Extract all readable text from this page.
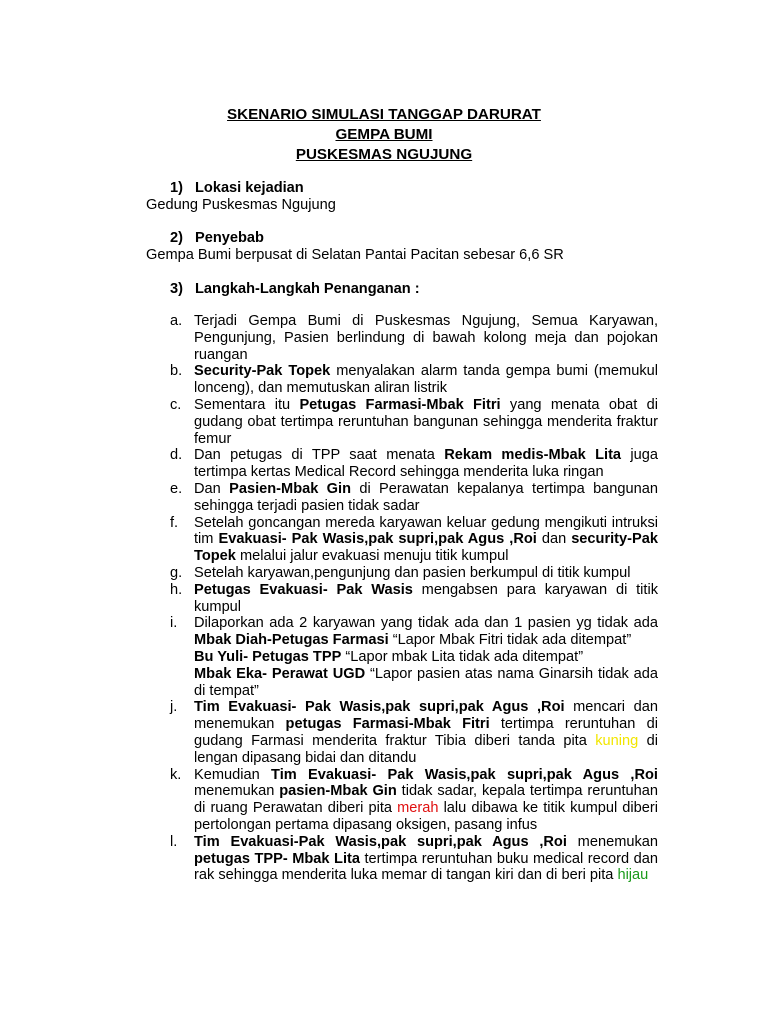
SKENARIO SIMULASI TANGGAP DARURAT
GEMPA BUMI
PUSKESMAS NGUJUNG
1) Lokasi kejadian
Gedung Puskesmas Ngujung
2) Penyebab
Gempa Bumi berpusat di Selatan Pantai Pacitan sebesar 6,6 SR
3) Langkah-Langkah Penanganan :

a. Terjadi Gempa Bumi di Puskesmas Ngujung, Semua Karyawan, Pengunjung, Pasien berlindung di bawah kolong meja dan pojokan ruangan

b. Security-Pak Topek menyalakan alarm tanda gempa bumi (memukul lonceng), dan memutuskan aliran listrik

c. Sementara itu Petugas Farmasi-Mbak Fitri yang menata obat di gudang obat tertimpa reruntuhan bangunan sehingga menderita fraktur femur

d. Dan petugas di TPP saat menata Rekam medis-Mbak Lita juga tertimpa kertas Medical Record sehingga menderita luka ringan

e. Dan Pasien-Mbak Gin di Perawatan kepalanya tertimpa bangunan sehingga terjadi pasien tidak sadar

f. Setelah goncangan mereda karyawan keluar gedung mengikuti intruksi tim Evakuasi- Pak Wasis,pak supri,pak Agus ,Roi dan security-Pak Topek melalui jalur evakuasi menuju titik kumpul

g. Setelah karyawan,pengunjung dan pasien berkumpul di titik kumpul

h. Petugas Evakuasi- Pak Wasis mengabsen para karyawan di titik kumpul

i. Dilaporkan ada 2 karyawan yang tidak ada dan 1 pasien yg tidak ada Mbak Diah-Petugas Farmasi “Lapor Mbak Fitri tidak ada ditempat”
Bu Yuli- Petugas TPP “Lapor mbak Lita tidak ada ditempat”
Mbak Eka- Perawat UGD “Lapor pasien atas nama Ginarsih tidak ada di tempat”

j. Tim Evakuasi- Pak Wasis,pak supri,pak Agus ,Roi mencari dan menemukan petugas Farmasi-Mbak Fitri tertimpa reruntuhan di gudang Farmasi menderita fraktur Tibia diberi tanda pita kuning di lengan dipasang bidai dan ditandu

k. Kemudian Tim Evakuasi- Pak Wasis,pak supri,pak Agus ,Roi menemukan pasien-Mbak Gin tidak sadar, kepala tertimpa reruntuhan di ruang Perawatan diberi pita merah lalu dibawa ke titik kumpul diberi pertolongan pertama dipasang oksigen, pasang infus

l. Tim Evakuasi-Pak Wasis,pak supri,pak Agus ,Roi menemukan petugas TPP- Mbak Lita tertimpa reruntuhan buku medical record dan rak sehingga menderita luka memar di tangan kiri dan di beri pita hijau
